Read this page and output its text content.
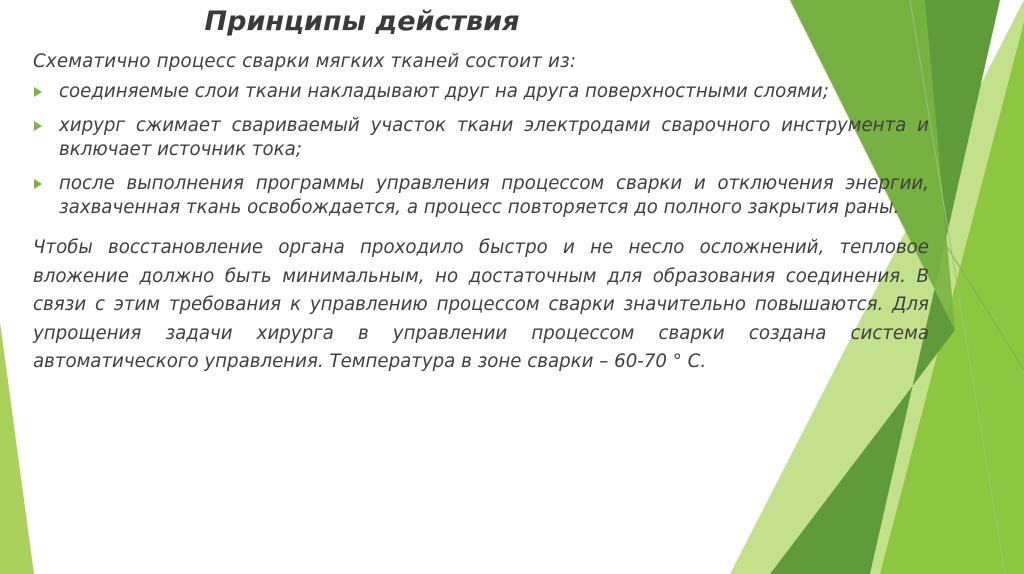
Принципы действия

Схематично процесс сварки мягких тканей состоит из:

соединяемые слои ткани накладывают друг на друга поверхностными слоями;
хирург сжимает свариваемый участок ткани электродами сварочного инструмента и включает источник тока;
после выполнения программы управления процессом сварки и отключения энергии, захваченная ткань освобождается, а процесс повторяется до полного закрытия раны.

Чтобы восстановление органа проходило быстро и не несло осложнений, тепловое вложение должно быть минимальным, но достаточным для образования соединения. В связи с этим требования к управлению процессом сварки значительно повышаются. Для упрощения задачи хирурга в управлении процессом сварки создана система автоматического управления. Температура в зоне сварки – 60-70 ° С.
